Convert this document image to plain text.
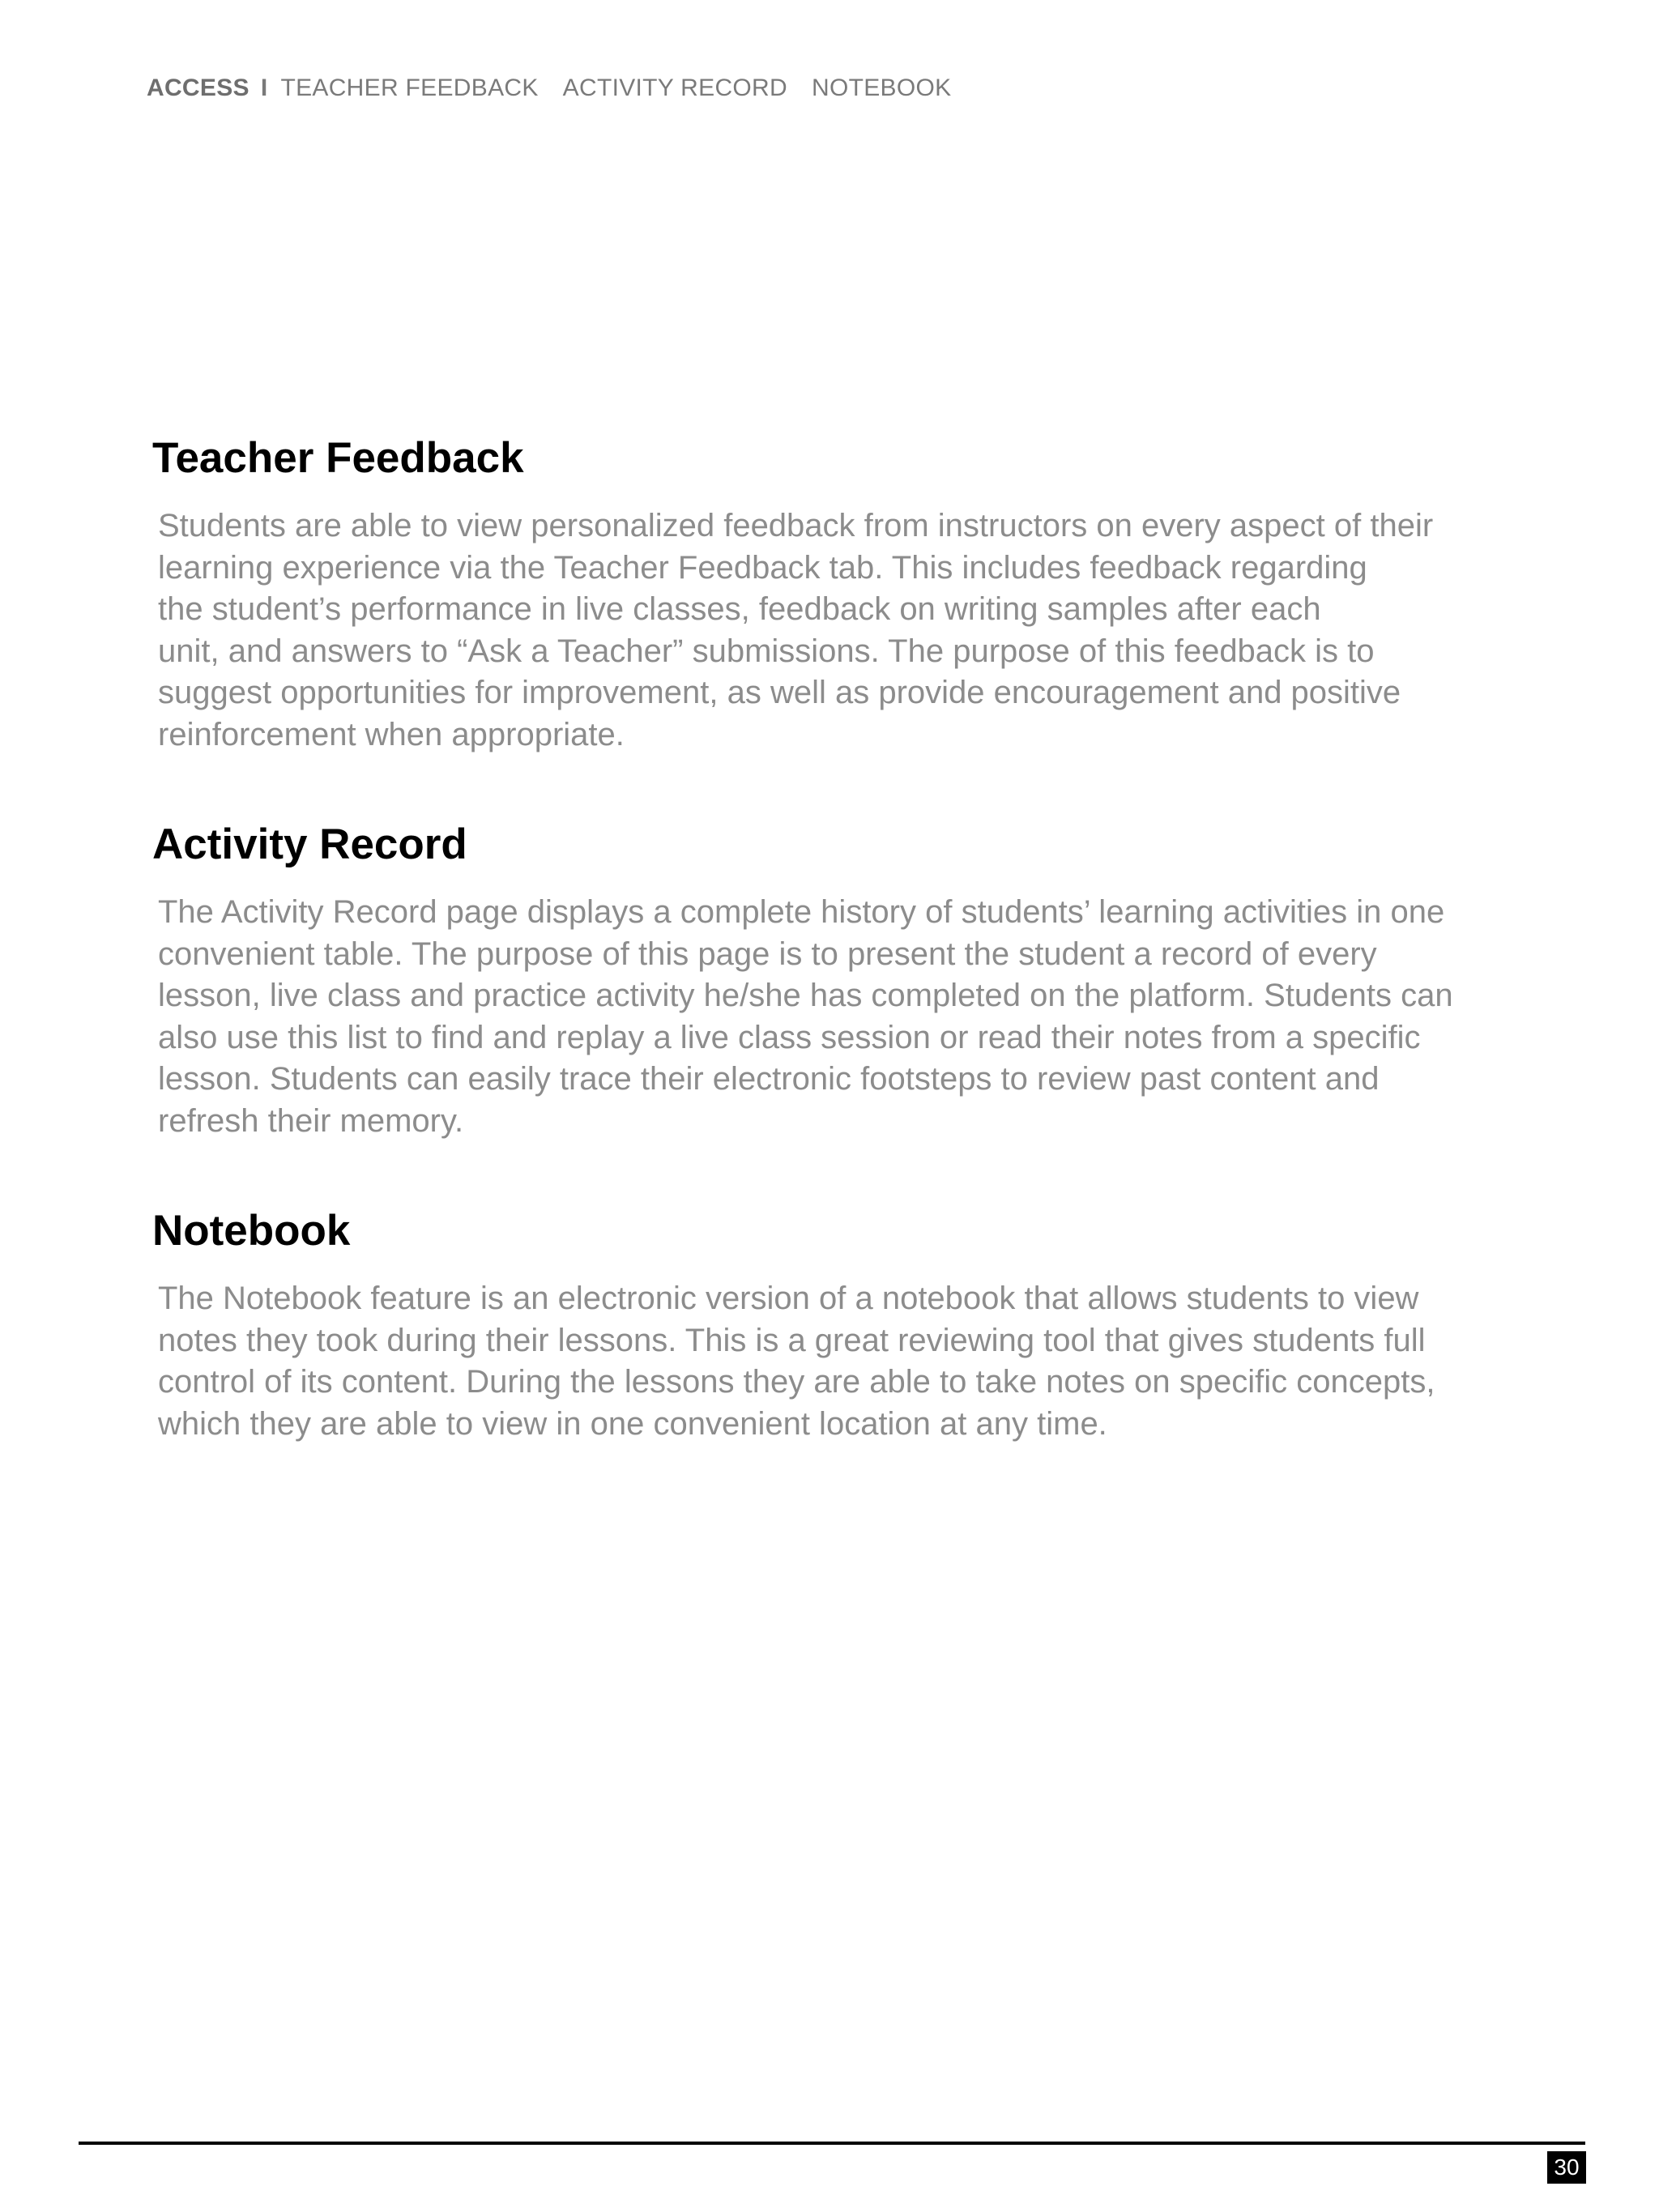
ACCESS I TEACHER FEEDBACK ACTIVITY RECORD NOTEBOOK
Teacher Feedback

Students are able to view personalized feedback from instructors on every aspect of their
learning experience via the Teacher Feedback tab. This includes feedback regarding
the student’s performance in live classes, feedback on writing samples after each
unit, and answers to “Ask a Teacher” submissions. The purpose of this feedback is to
suggest opportunities for improvement, as well as provide encouragement and positive
reinforcement when appropriate.

Activity Record

The Activity Record page displays a complete history of students’ learning activities in one
convenient table. The purpose of this page is to present the student a record of every
lesson, live class and practice activity he/she has completed on the platform. Students can
also use this list to find and replay a live class session or read their notes from a specific
lesson. Students can easily trace their electronic footsteps to review past content and
refresh their memory.

Notebook

The Notebook feature is an electronic version of a notebook that allows students to view
notes they took during their lessons. This is a great reviewing tool that gives students full
control of its content. During the lessons they are able to take notes on specific concepts,
which they are able to view in one convenient location at any time.

30
